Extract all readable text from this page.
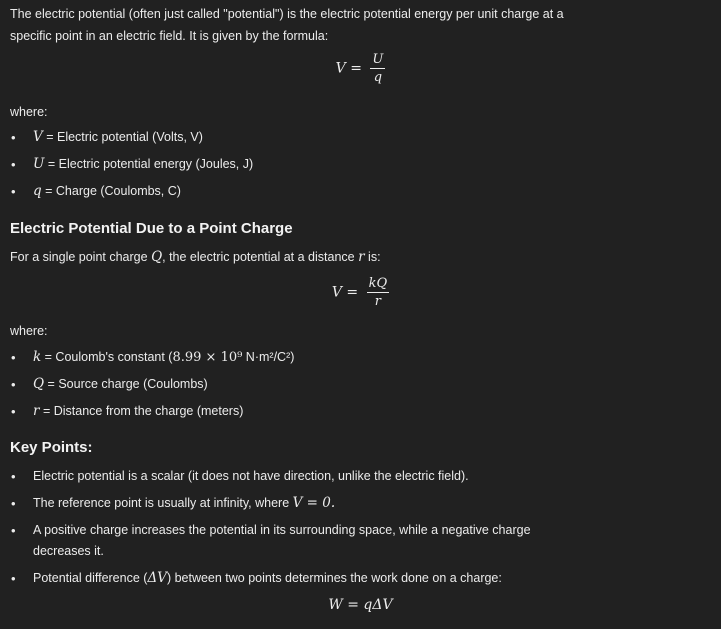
The electric potential (often just called "potential") is the electric potential energy per unit charge at a

specific point in an electric field. It is given by the formula:

$V = \frac{U}{q}$

where:

• V = Electric potential (Volts, V)
• U = Electric potential energy (Joules, J)
• q = Charge (Coulombs, C)
Electric Potential Due to a Point Charge

For a single point charge Q, the electric potential at a distance r is:

$V = \frac{kQ}{r}$

where:

• k = Coulomb's constant (8.99 × 10⁹ N·m²/C²)
• Q = Source charge (Coulombs)
• r = Distance from the charge (meters)
Key Points:
• Electric potential is a scalar (it does not have direction, unlike the electric field).
• The reference point is usually at infinity, where V = 0.
• A positive charge increases the potential in its surrounding space, while a negative charge
decreases it.
• Potential difference (ΔV) between two points determines the work done on a charge:
W = qΔV
